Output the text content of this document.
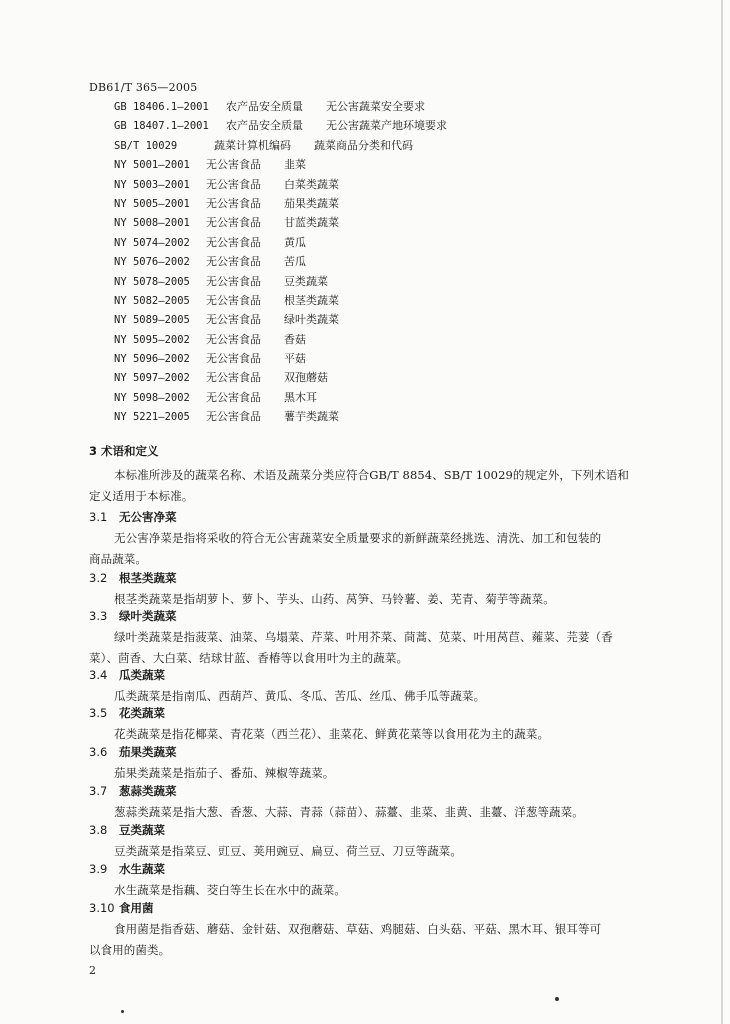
DB61/T 365—2005
GB 18406.1—2001 农产品安全质量 无公害蔬菜安全要求
GB 18407.1—2001 农产品安全质量 无公害蔬菜产地环境要求
SB/T 10029	蔬菜计算机编码 蔬菜商品分类和代码
NY 5001—2001 无公害食品 韭菜
NY 5003—2001 无公害食品 白菜类蔬菜
NY 5005—2001 无公害食品 茄果类蔬菜
NY 5008—2001 无公害食品 甘蓝类蔬菜
NY 5074—2002 无公害食品 黄瓜
NY 5076—2002 无公害食品 苦瓜
NY 5078—2005 无公害食品 豆类蔬菜
NY 5082—2005 无公害食品 根茎类蔬菜
NY 5089—2005 无公害食品 绿叶类蔬菜
NY 5095—2002 无公害食品 香菇
NY 5096—2002 无公害食品 平菇
NY 5097—2002 无公害食品 双孢蘑菇
NY 5098—2002 无公害食品 黑木耳
NY 5221—2005 无公害食品 薯芋类蔬菜
3 术语和定义
本标准所涉及的蔬菜名称、术语及蔬菜分类应符合GB/T 8854、SB/T 10029的规定外，下列术语和
定义适用于本标准。
3.1 无公害净菜
无公害净菜是指将采收的符合无公害蔬菜安全质量要求的新鲜蔬菜经挑选、清洗、加工和包装的
商品蔬菜。
3.2 根茎类蔬菜
根茎类蔬菜是指胡萝卜、萝卜、芋头、山药、莴笋、马铃薯、姜、芜青、菊芋等蔬菜。
3.3 绿叶类蔬菜
绿叶类蔬菜是指菠菜、油菜、乌塌菜、芹菜、叶用芥菜、茼蒿、苋菜、叶用莴苣、蕹菜、芫荽（香
菜）、茴香、大白菜、结球甘蓝、香椿等以食用叶为主的蔬菜。
3.4 瓜类蔬菜
瓜类蔬菜是指南瓜、西葫芦、黄瓜、冬瓜、苦瓜、丝瓜、佛手瓜等蔬菜。
3.5 花类蔬菜
花类蔬菜是指花椰菜、青花菜（西兰花）、韭菜花、鲜黄花菜等以食用花为主的蔬菜。
3.6 茄果类蔬菜
茄果类蔬菜是指茄子、番茄、辣椒等蔬菜。
3.7 葱蒜类蔬菜
葱蒜类蔬菜是指大葱、香葱、大蒜、青蒜（蒜苗）、蒜薹、韭菜、韭黄、韭薹、洋葱等蔬菜。
3.8 豆类蔬菜
豆类蔬菜是指菜豆、豇豆、荚用豌豆、扁豆、荷兰豆、刀豆等蔬菜。
3.9 水生蔬菜
水生蔬菜是指藕、茭白等生长在水中的蔬菜。
3.10 食用菌
食用菌是指香菇、蘑菇、金针菇、双孢蘑菇、草菇、鸡腿菇、白头菇、平菇、黑木耳、银耳等可
以食用的菌类。
2
